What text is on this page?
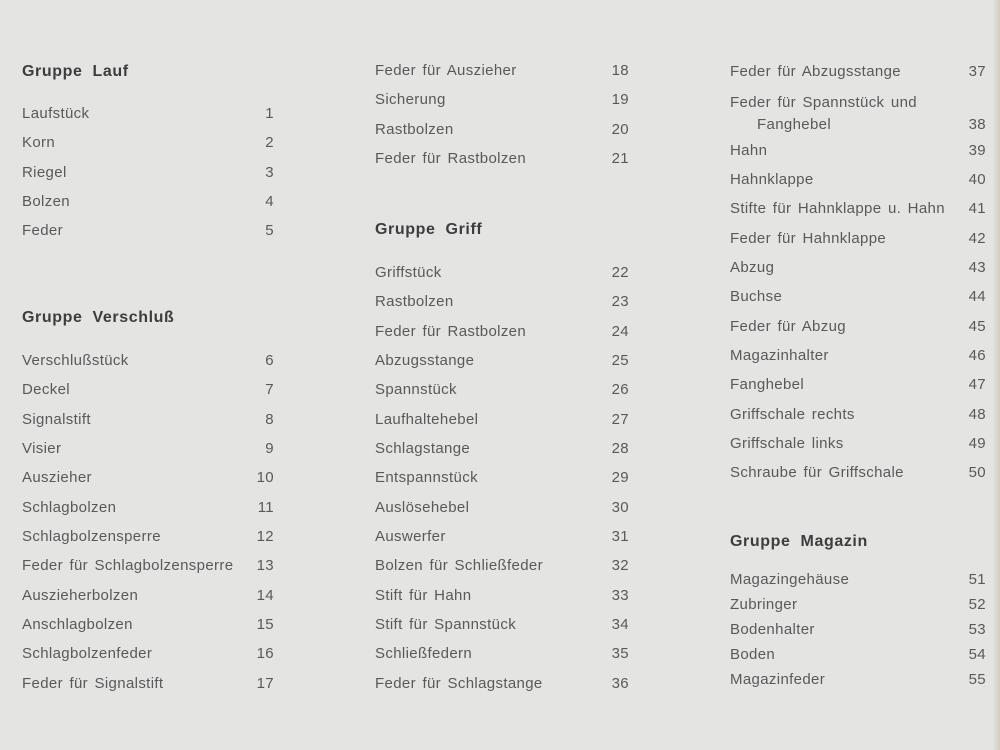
Gruppe Lauf
Laufstück	1
Korn	2
Riegel	3
Bolzen	4
Feder	5
Gruppe Verschluß
Verschlußstück	6
Deckel	7
Signalstift	8
Visier	9
Auszieher	10
Schlagbolzen	11
Schlagbolzensperre	12
Feder für Schlagbolzensperre 13
Auszieherbolzen	14
Anschlagbolzen	15
Schlagbolzenfeder	16
Feder für Signalstift	17
Feder für Auszieher	18
Sicherung	19
Rastbolzen	20
Feder für Rastbolzen	21
Gruppe Griff
Griffstück	22
Rastbolzen	23
Feder für Rastbolzen	24
Abzugsstange	25
Spannstück	26
Laufhaltehebel	27
Schlagstange	28
Entspannstück	29
Auslösehebel	30
Auswerfer	31
Bolzen für Schließfeder	32
Stift für Hahn	33
Stift für Spannstück	34
Schließfedern	35
Feder für Schlagstange	36
Feder für Abzugsstange	37
Feder für Spannstück und
Fanghebel	38
Hahn	39
Hahnklappe	40
Stifte für Hahnklappe u. Hahn 41
Feder für Hahnklappe	42
Abzug	43
Buchse	44
Feder für Abzug	45
Magazinhalter	46
Fanghebel	47
Griffschale rechts	48
Griffschale links	49
Schraube für Griffschale	50
Gruppe Magazin
Magazingehäuse	51
Zubringer	52
Bodenhalter	53
Boden	54
Magazinfeder	55
